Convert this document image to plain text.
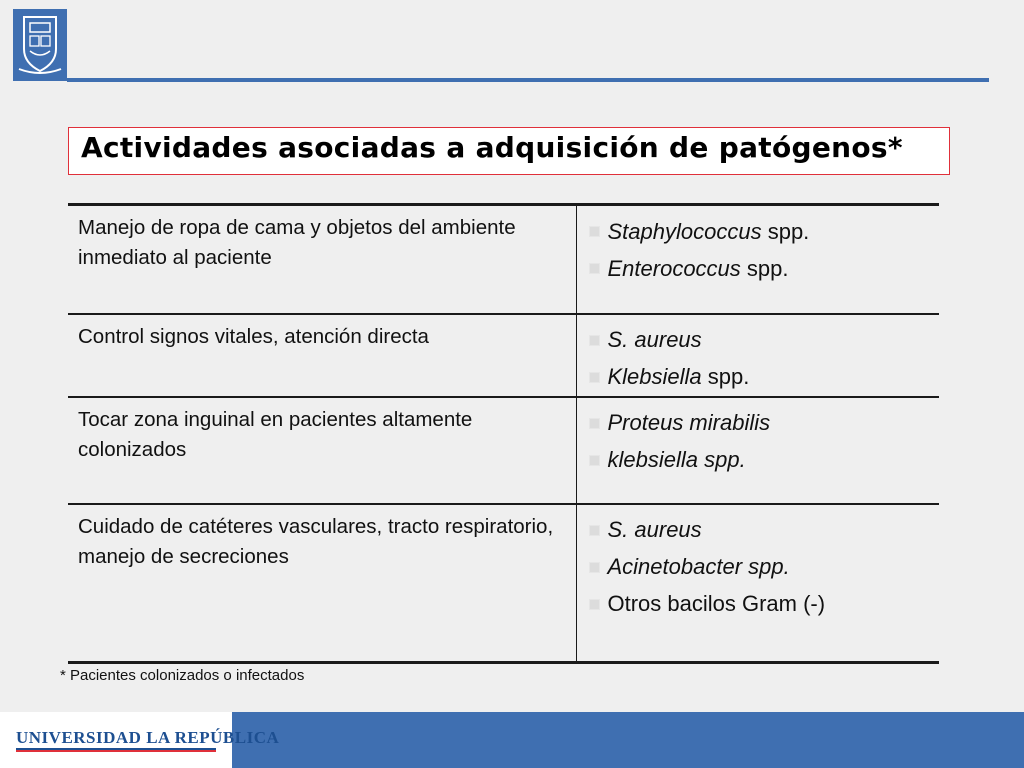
Actividades asociadas a adquisición de patógenos*
Manejo de ropa de cama y objetos del ambiente inmediato al paciente	Staphylococcus spp.
Enterococcus spp.

Control signos vitales, atención directa	S. aureus
Klebsiella spp.

Tocar zona inguinal en pacientes altamente colonizados	Proteus mirabilis
klebsiella spp.

Cuidado de catéteres vasculares, tracto respiratorio, manejo de secreciones	S. aureus
Acinetobacter spp.
Otros bacilos Gram (-)
* Pacientes colonizados o infectados
UNIVERSIDAD LA REPÚBLICA
